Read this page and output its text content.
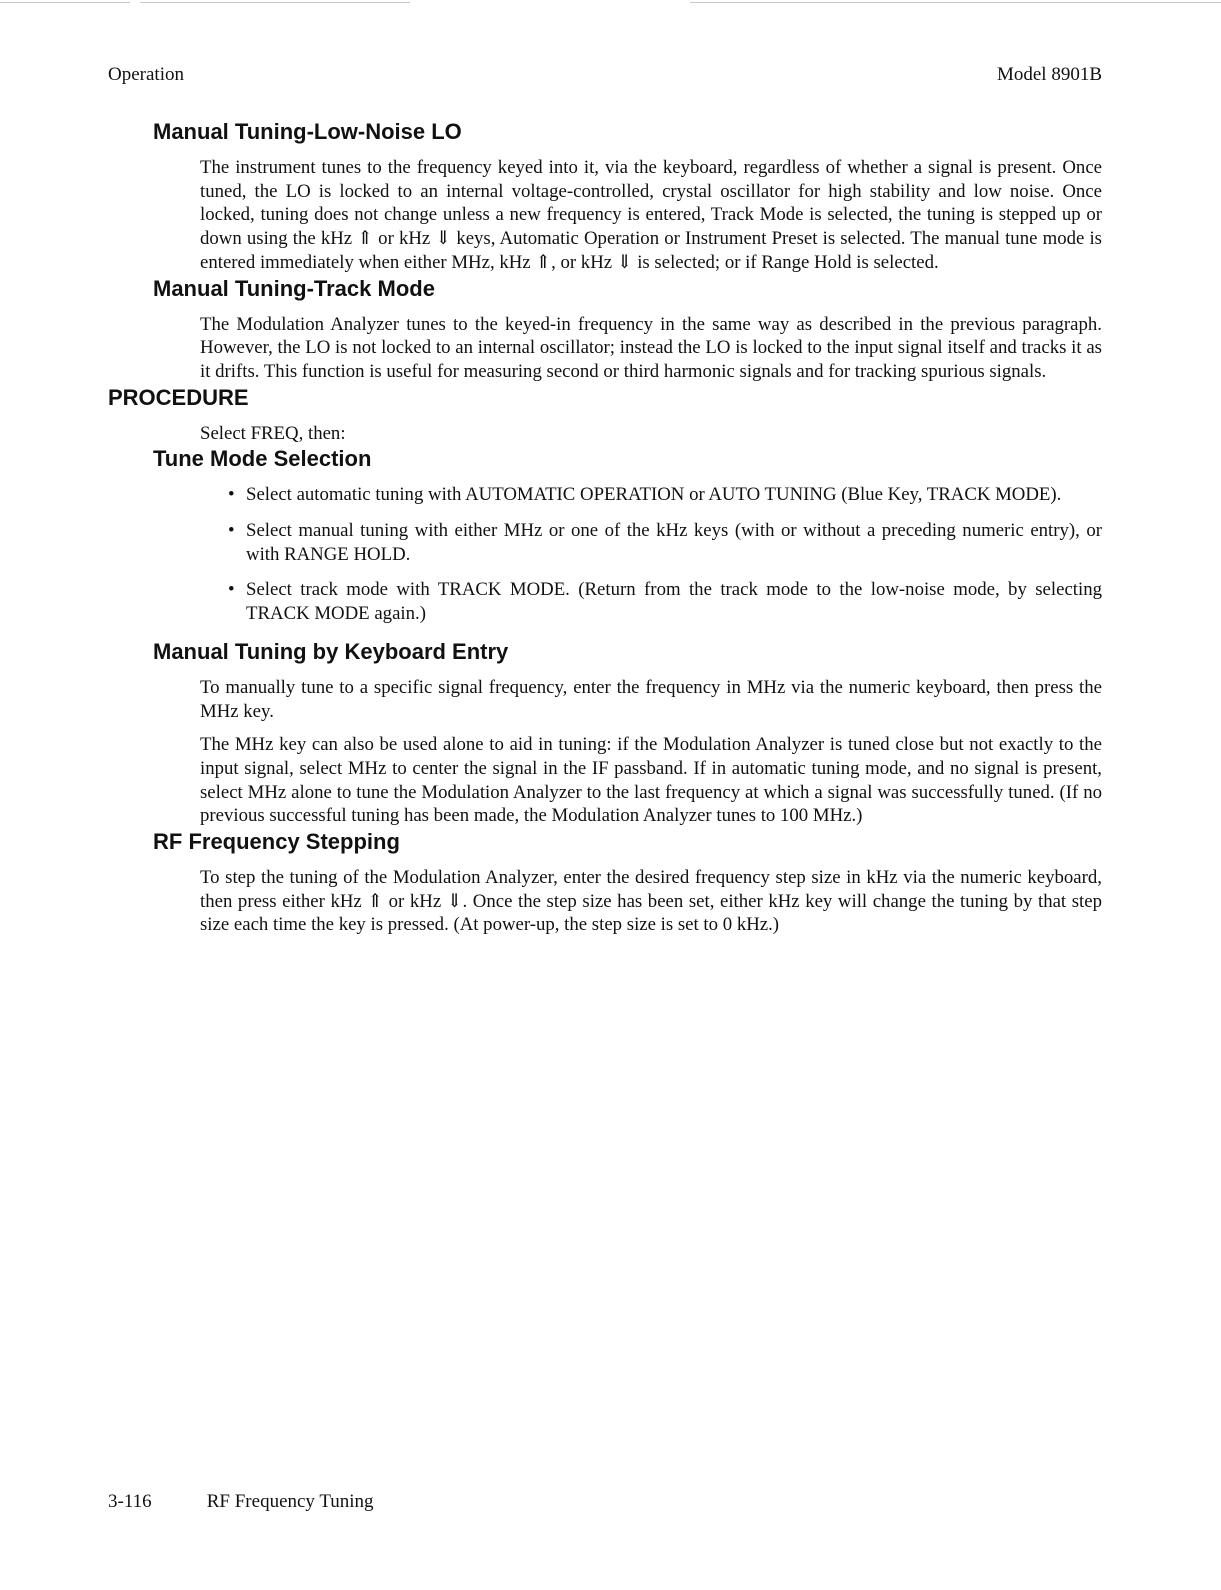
Operation	Model 8901B
Manual Tuning-Low-Noise LO

The instrument tunes to the frequency keyed into it, via the keyboard, regardless of whether a signal is present. Once tuned, the LO is locked to an internal voltage-controlled, crystal oscillator for high stability and low noise. Once locked, tuning does not change unless a new frequency is entered, Track Mode is selected, the tuning is stepped up or down using the kHz ⇑ or kHz ⇓ keys, Automatic Operation or Instrument Preset is selected. The manual tune mode is entered immediately when either MHz, kHz ⇑, or kHz ⇓ is selected; or if Range Hold is selected.

Manual Tuning-Track Mode

The Modulation Analyzer tunes to the keyed-in frequency in the same way as described in the previous paragraph. However, the LO is not locked to an internal oscillator; instead the LO is locked to the input signal itself and tracks it as it drifts. This function is useful for measuring second or third harmonic signals and for tracking spurious signals.

PROCEDURE

Select FREQ, then:

Tune Mode Selection
• Select automatic tuning with AUTOMATIC OPERATION or AUTO TUNING (Blue Key, TRACK MODE).
• Select manual tuning with either MHz or one of the kHz keys (with or without a preceding numeric entry), or with RANGE HOLD.
• Select track mode with TRACK MODE. (Return from the track mode to the low-noise mode, by selecting TRACK MODE again.)
Manual Tuning by Keyboard Entry

To manually tune to a specific signal frequency, enter the frequency in MHz via the numeric keyboard, then press the MHz key.

The MHz key can also be used alone to aid in tuning: if the Modulation Analyzer is tuned close but not exactly to the input signal, select MHz to center the signal in the IF passband. If in automatic tuning mode, and no signal is present, select MHz alone to tune the Modulation Analyzer to the last frequency at which a signal was successfully tuned. (If no previous successful tuning has been made, the Modulation Analyzer tunes to 100 MHz.)

RF Frequency Stepping

To step the tuning of the Modulation Analyzer, enter the desired frequency step size in kHz via the numeric keyboard, then press either kHz ⇑ or kHz ⇓. Once the step size has been set, either kHz key will change the tuning by that step size each time the key is pressed. (At power-up, the step size is set to 0 kHz.)

3-116	RF Frequency Tuning
